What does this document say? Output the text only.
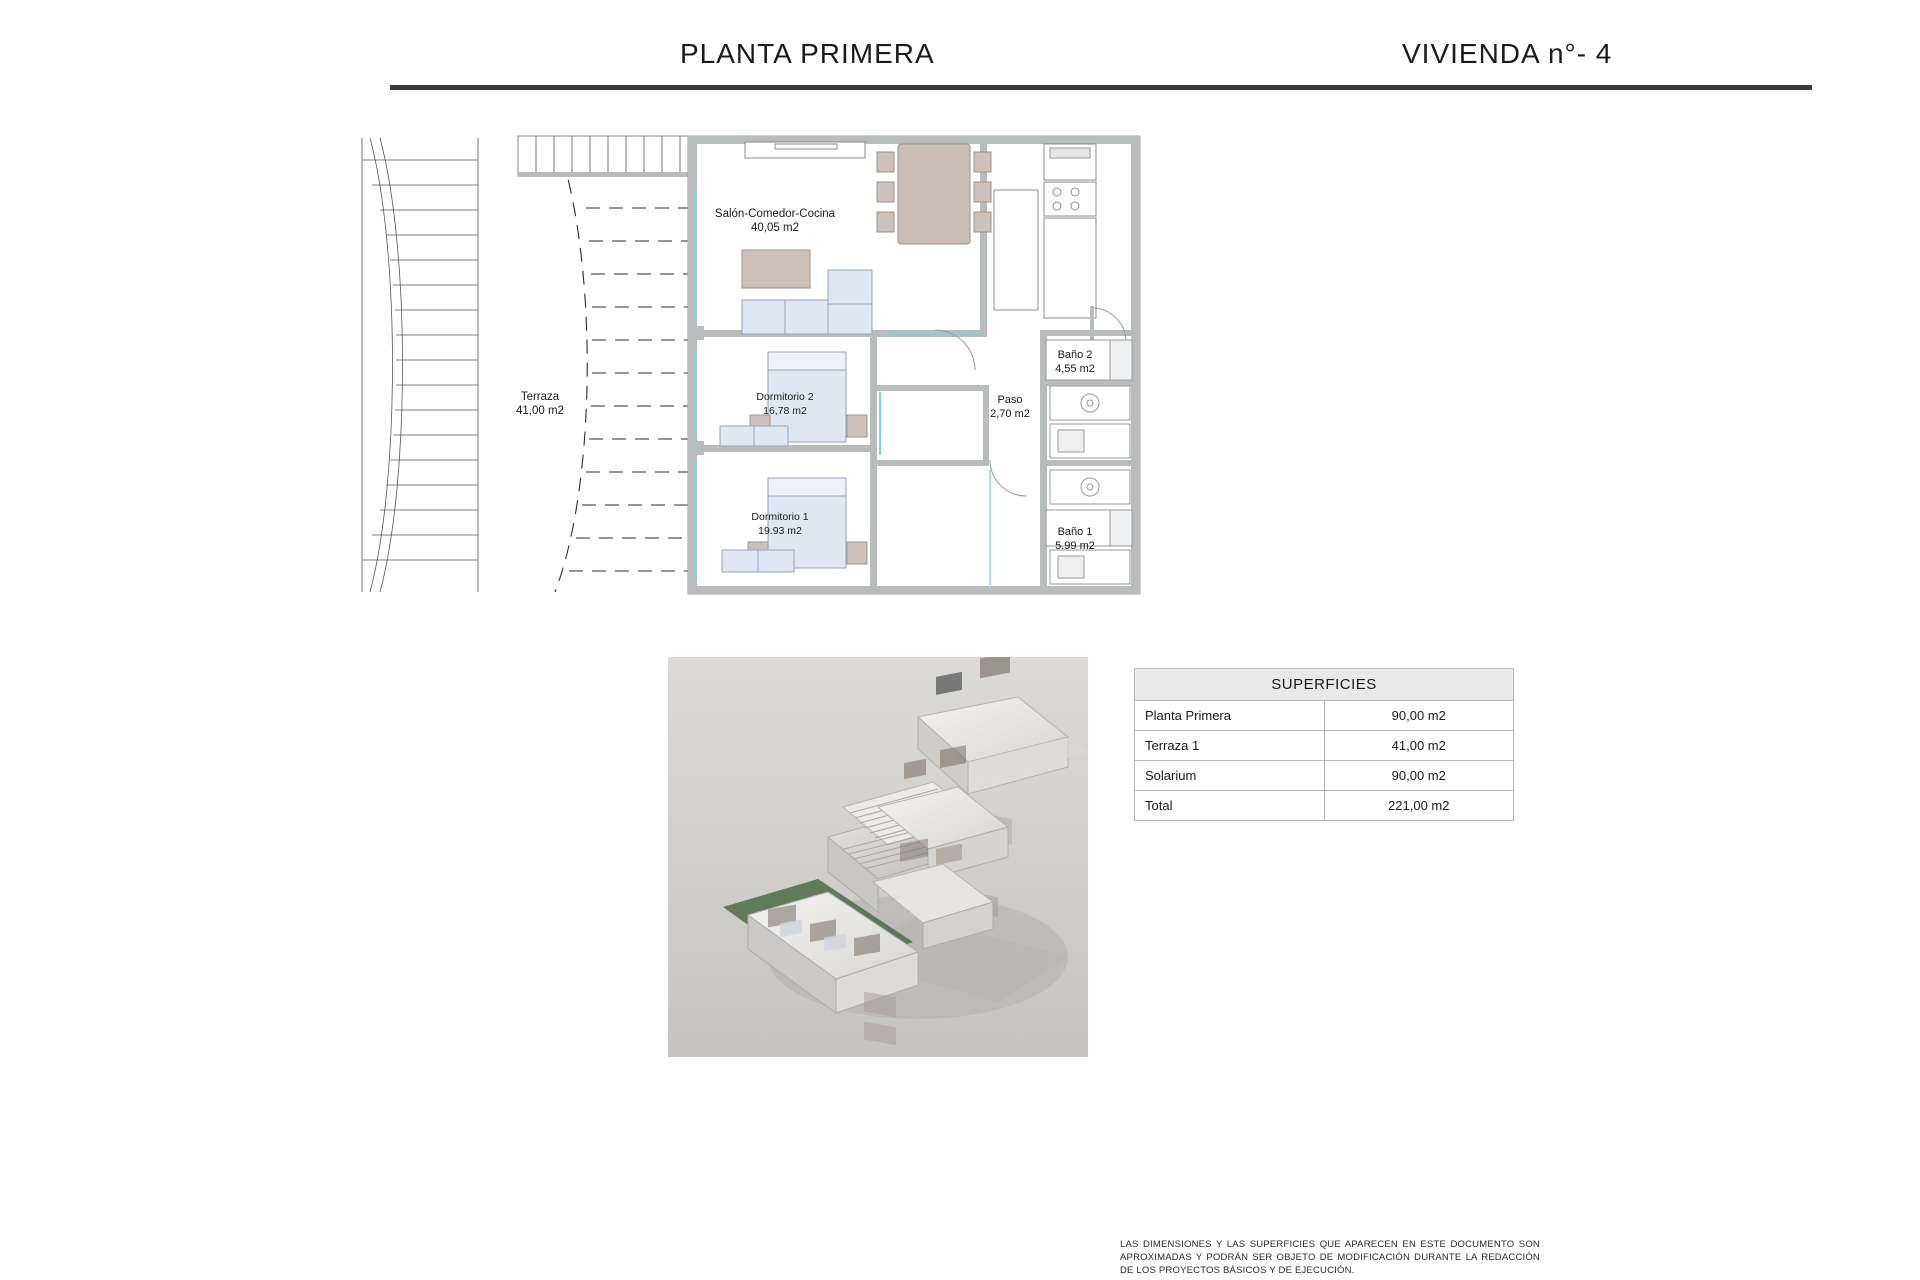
PLANTA PRIMERA	VIVIENDA n°- 4
Terraza
41,00 m2
Salón-Comedor-Cocina
40,05 m2
Dormitorio 2
16,78 m2
Dormitorio 1
19.93 m2
Paso
2,70 m2
Baño 2
4,55 m2
Baño 1
5.99 m2
SUPERFICIES	
Planta Primera	90,00 m2
Terraza 1	41,00 m2
Solarium	90,00 m2
Total	221,00 m2
LAS DIMENSIONES Y LAS SUPERFICIES QUE APARECEN EN ESTE DOCUMENTO SON APROXIMADAS Y PODRÁN SER OBJETO DE MODIFICACIÓN DURANTE LA REDACCIÓN DE LOS PROYECTOS BÁSICOS Y DE EJECUCIÓN.
